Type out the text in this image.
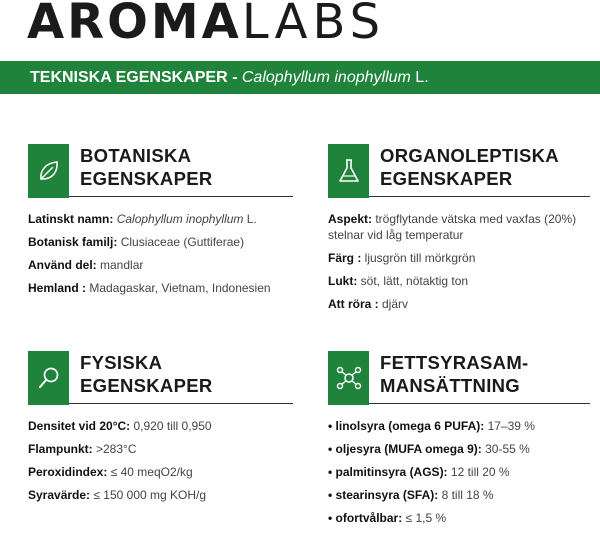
AROMALABS
TEKNISKA EGENSKAPER - Calophyllum inophyllum L.
BOTANISKA
EGENSKAPER
Latinskt namn: Calophyllum inophyllum L.
Botanisk familj: Clusiaceae (Guttiferae)
Använd del: mandlar
Hemland : Madagaskar, Vietnam, Indonesien
ORGANOLEPTISKA
EGENSKAPER
Aspekt: trögflytande vätska med vaxfas (20%) stelnar vid låg temperatur
Färg : ljusgrön till mörkgrön
Lukt: söt, lätt, nötaktig ton
Att röra : djärv
FYSISKA
EGENSKAPER
Densitet vid 20°C: 0,920 till 0,950
Flampunkt: >283°C
Peroxidindex: ≤ 40 meqO2/kg
Syravärde: ≤ 150 000 mg KOH/g
FETTSYRASAM-
MANSÄTTNING
• linolsyra (omega 6 PUFA): 17–39 %
• oljesyra (MUFA omega 9): 30-55 %
• palmitinsyra (AGS): 12 till 20 %
• stearinsyra (SFA): 8 till 18 %
• ofortvålbar: ≤ 1,5 %
